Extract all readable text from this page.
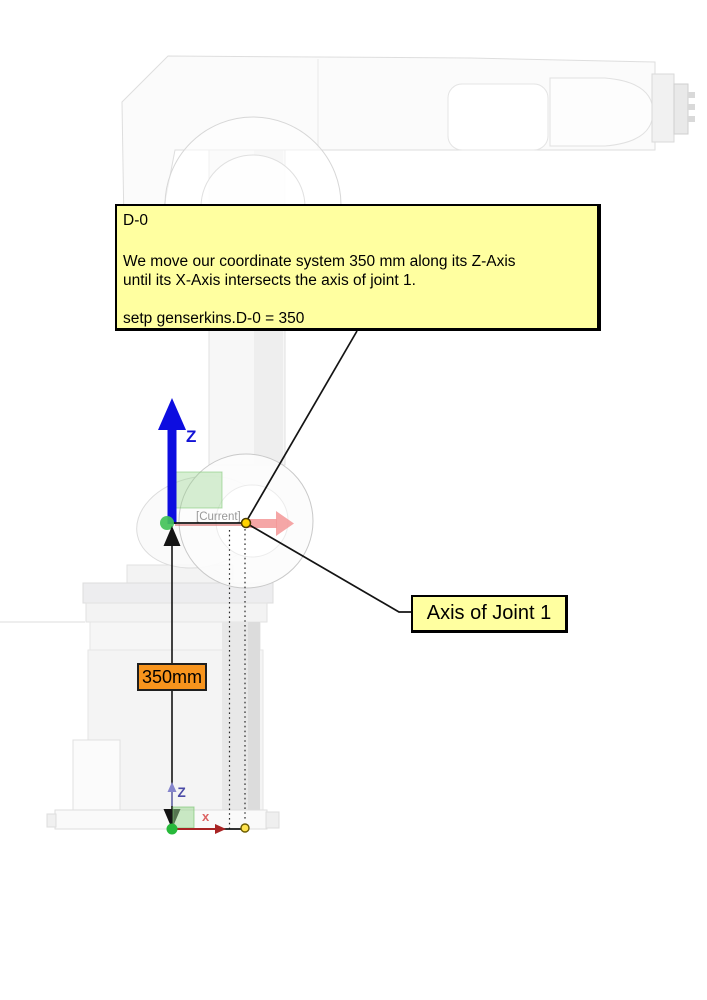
Z
[Current]
Z
x
D-0
We move our coordinate system 350 mm along its Z-Axis
until its X-Axis intersects the axis of joint 1.
setp genserkins.D-0 = 350
Axis of Joint 1
350mm
